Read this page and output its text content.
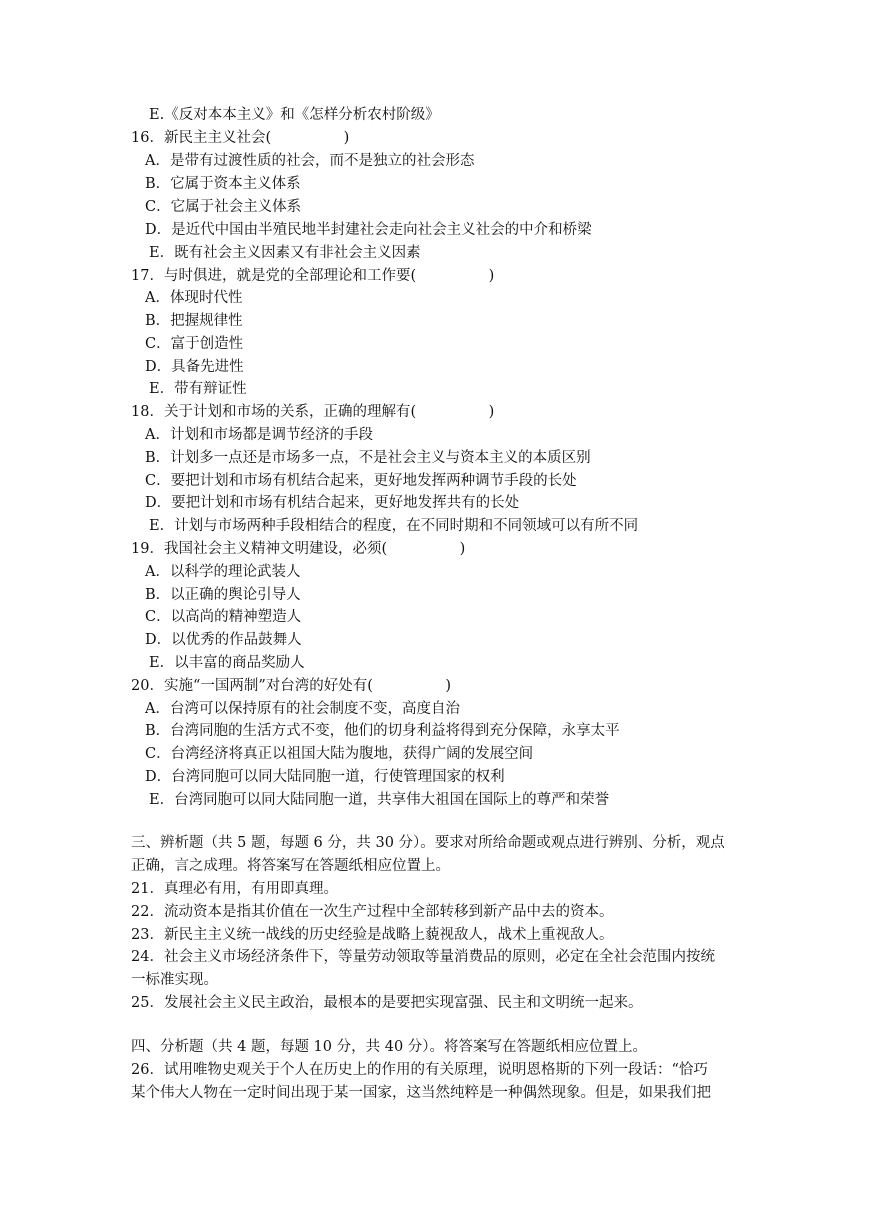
E.《反对本本主义》和《怎样分析农村阶级》
16．新民主主义社会(　　　　　)
A．是带有过渡性质的社会，而不是独立的社会形态
B．它属于资本主义体系
C．它属于社会主义体系
D．是近代中国由半殖民地半封建社会走向社会主义社会的中介和桥梁
E．既有社会主义因素又有非社会主义因素
17．与时俱进，就是党的全部理论和工作要(　　　　　)
A．体现时代性
B．把握规律性
C．富于创造性
D．具备先进性
E．带有辩证性
18．关于计划和市场的关系，正确的理解有(　　　　　)
A．计划和市场都是调节经济的手段
B．计划多一点还是市场多一点，不是社会主义与资本主义的本质区别
C．要把计划和市场有机结合起来，更好地发挥两种调节手段的长处
D．要把计划和市场有机结合起来，更好地发挥共有的长处
E．计划与市场两种手段相结合的程度，在不同时期和不同领域可以有所不同
19．我国社会主义精神文明建设，必须(　　　　　)
A．以科学的理论武装人
B．以正确的舆论引导人
C．以高尚的精神塑造人
D．以优秀的作品鼓舞人
E．以丰富的商品奖励人
20．实施“一国两制”对台湾的好处有(　　　　　)
A．台湾可以保持原有的社会制度不变，高度自治
B．台湾同胞的生活方式不变，他们的切身利益将得到充分保障，永享太平
C．台湾经济将真正以祖国大陆为腹地，获得广阔的发展空间
D．台湾同胞可以同大陆同胞一道，行使管理国家的权利
E．台湾同胞可以同大陆同胞一道，共享伟大祖国在国际上的尊严和荣誉
三、辨析题（共 5 题，每题 6 分，共 30 分）。要求对所给命题或观点进行辨别、分析，观点
正确，言之成理。将答案写在答题纸相应位置上。
21．真理必有用，有用即真理。
22．流动资本是指其价值在一次生产过程中全部转移到新产品中去的资本。
23．新民主主义统一战线的历史经验是战略上藐视敌人，战术上重视敌人。
24．社会主义市场经济条件下，等量劳动领取等量消费品的原则，必定在全社会范围内按统
一标准实现。
25．发展社会主义民主政治，最根本的是要把实现富强、民主和文明统一起来。
四、分析题（共 4 题，每题 10 分，共 40 分）。将答案写在答题纸相应位置上。
26．试用唯物史观关于个人在历史上的作用的有关原理，说明恩格斯的下列一段话：“恰巧
某个伟大人物在一定时间出现于某一国家，这当然纯粹是一种偶然现象。但是，如果我们把
